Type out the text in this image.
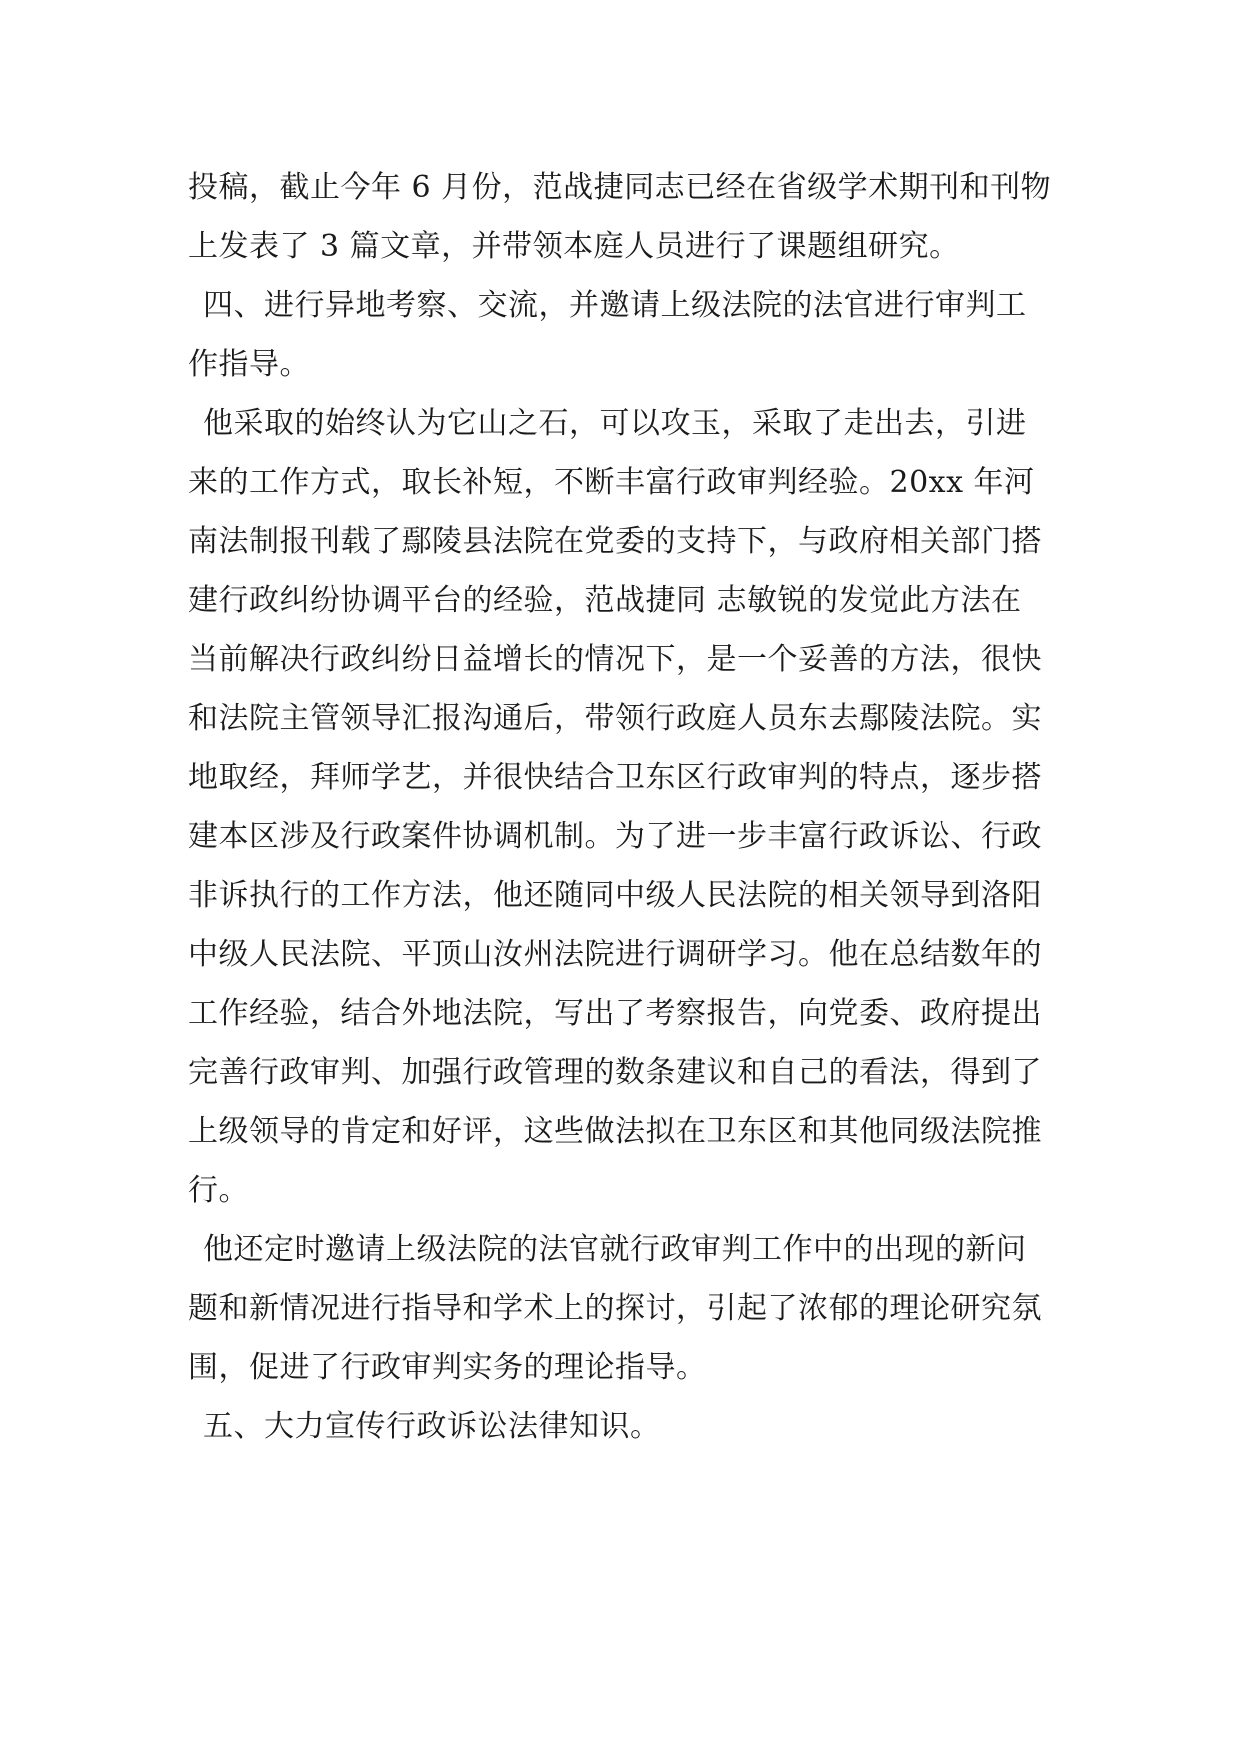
投稿，截止今年 6 月份，范战捷同志已经在省级学术期刊和刊物
上发表了 3 篇文章，并带领本庭人员进行了课题组研究。
四、进行异地考察、交流，并邀请上级法院的法官进行审判工
作指导。
他采取的始终认为它山之石，可以攻玉，采取了走出去，引进
来的工作方式，取长补短，不断丰富行政审判经验。20xx 年河
南法制报刊载了鄢陵县法院在党委的支持下，与政府相关部门搭
建行政纠纷协调平台的经验，范战捷同 志敏锐的发觉此方法在
当前解决行政纠纷日益增长的情况下，是一个妥善的方法，很快
和法院主管领导汇报沟通后，带领行政庭人员东去鄢陵法院。实
地取经，拜师学艺，并很快结合卫东区行政审判的特点，逐步搭
建本区涉及行政案件协调机制。为了进一步丰富行政诉讼、行政
非诉执行的工作方法，他还随同中级人民法院的相关领导到洛阳
中级人民法院、平顶山汝州法院进行调研学习。他在总结数年的
工作经验，结合外地法院，写出了考察报告，向党委、政府提出
完善行政审判、加强行政管理的数条建议和自己的看法，得到了
上级领导的肯定和好评，这些做法拟在卫东区和其他同级法院推
行。
他还定时邀请上级法院的法官就行政审判工作中的出现的新问
题和新情况进行指导和学术上的探讨，引起了浓郁的理论研究氛
围，促进了行政审判实务的理论指导。
五、大力宣传行政诉讼法律知识。
